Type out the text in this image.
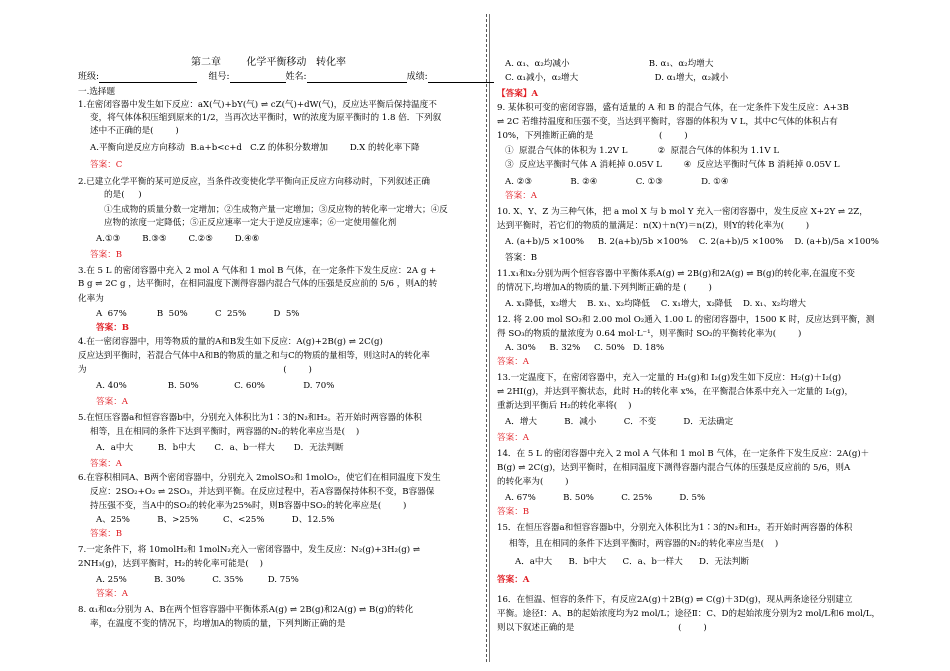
第二章        化学平衡移动   转化率
班级:	组号:	姓名:	成绩:
一.选择题
1.在密闭容器中发生如下反应：aX(气)+bY(气) ⇌ cZ(气)+dW(气)，反应达平衡后保持温度不
变，将气体体积压缩到原来的1/2，当再次达平衡时，W的浓度为原平衡时的 1.8 倍．下列叙
述中不正确的是(        )
A.平衡向逆反应方向移动  B.a+b<c+d   C.Z 的体积分数增加        D.X 的转化率下降
答案：C
2.已建立化学平衡的某可逆反应，当条件改变使化学平衡向正反应方向移动时，下列叙述正确
的是(     )
①生成物的质量分数一定增加；②生成物产量一定增加；③反应物的转化率一定增大；④反
应物的浓度一定降低；⑤正反应速率一定大于逆反应速率；⑥一定使用催化剂
A.①③        B.③⑤        C.②⑤        D.④⑥
答案：B
3.在 5 L 的密闭容器中充入 2 mol A 气体和 1 mol B 气体，在一定条件下发生反应：2A g +
B g ⇌ 2C g ，达平衡时，在相同温度下测得容器内混合气体的压强是反应前的 5/6 ，则A的转
化率为
A  67%           B  50%          C  25%          D  5%
答案：B
4.在一密闭容器中，用等物质的量的A和B发生如下反应：A(g)+2B(g) ⇌ 2C(g)
反应达到平衡时，若混合气体中A和B的物质的量之和与C的物质的量相等，则这时A的转化率
为                                                                        (        )
A. 40%               B. 50%             C. 60%              D. 70%
答案：A
5.在恒压容器a和恒容容器b中，分别充入体积比为1∶3的N₂和H₂。若开始时两容器的体积
相等，且在相同的条件下达到平衡时，两容器的N₂的转化率应当是(    )
A．a中大         B．b中大       C．a、b一样大       D．无法判断
答案：A
6.在容积相同A、B两个密闭容器中，分别充入 2molSO₂和 1molO₂，使它们在相同温度下发生
反应：2SO₂+O₂ ⇌ 2SO₃，并达到平衡。在反应过程中，若A容器保持体积不变，B容器保
持压强不变，当A中的SO₂的转化率为25%时，则B容器中SO₂的转化率应是(        )
A、25%          B、>25%         C、<25%          D、12.5%
答案：B
7.一定条件下，将 10molH₂和 1molN₂充入一密闭容器中，发生反应：N₂(g)+3H₂(g) ⇌
2NH₃(g)，达到平衡时，H₂的转化率可能是(    )
A. 25%          B. 30%          C. 35%         D. 75%
答案：A
8. α₁和α₂分别为 A、B在两个恒容容器中平衡体系A(g) ⇌ 2B(g)和2A(g) ⇌ B(g)的转化
率，在温度不变的情况下，均增加A的物质的量，下列判断正确的是
A. α₁、α₂均减小                             B. α₁、α₂均增大
C. α₁减小，α₂增大                            D. α₁增大，α₂减小
【答案】A
9. 某体积可变的密闭容器，盛有适量的 A 和 B 的混合气体，在一定条件下发生反应：A+3B
⇌ 2C 若维持温度和压强不变，当达到平衡时，容器的体积为 V L，其中C气体的体积占有
10%，下列推断正确的是                        (        )
①  原混合气体的体积为 1.2V L           ②  原混合气体的体积为 1.1V L
③  反应达平衡时气体 A 消耗掉 0.05V L        ④  反应达平衡时气体 B 消耗掉 0.05V L
A. ②③              B. ②④              C. ①③              D. ①④
答案：A
10. X、Y、Z 为三种气体，把 a mol X 与 b mol Y 充入一密闭容器中，发生反应 X+2Y ⇌ 2Z，
达到平衡时，若它们的物质的量满足：n(X)＋n(Y)＝n(Z)，则Y的转化率为(        )
A. (a+b)/5 ×100%     B. 2(a+b)/5b ×100%    C. 2(a+b)/5 ×100%    D. (a+b)/5a ×100%
答案：B
11.x₁和x₂分别为两个恒容容器中平衡体系A(g) ⇌ 2B(g)和2A(g) ⇌ B(g)的转化率,在温度不变
的情况下,均增加A的物质的量.下列判断正确的是 (        )
A. x₁降低，x₂增大    B. x₁、x₂均降低    C. x₁增大，x₂降低    D. x₁、x₂均增大
12. 将 2.00 mol SO₂和 2.00 mol O₂通入 1.00 L 的密闭容器中，1500 K 时，反应达到平衡，测
得 SO₃的物质的量浓度为 0.64 mol·L⁻¹，则平衡时 SO₂的平衡转化率为(        )
A. 30%     B. 32%     C. 50%   D. 18%
答案：A
13.一定温度下，在密闭容器中，充入一定量的 H₂(g)和 I₂(g)发生如下反应：H₂(g)＋I₂(g)
⇌ 2HI(g)，并达到平衡状态，此时 H₂的转化率 x%，在平衡混合体系中充入一定量的 I₂(g)，
重新达到平衡后 H₂的转化率将(    )
A．增大          B．减小          C．不变          D．无法确定
答案：A
14．在 5 L 的密闭容器中充入 2 mol A 气体和 1 mol B 气体，在一定条件下发生反应：2A(g)＋
B(g) ⇌ 2C(g)，达到平衡时，在相同温度下测得容器内混合气体的压强是反应前的 5/6，则A
的转化率为(        )
A. 67%          B. 50%          C. 25%          D. 5%
答案：B
15．在恒压容器a和恒容容器b中，分别充入体积比为1∶3的N₂和H₂，若开始时两容器的体积
相等，且在相同的条件下达到平衡时，两容器的N₂的转化率应当是(    )
A．a中大      B．b中大      C．a、b一样大      D．无法判断
答案：A
16．在恒温、恒容的条件下，有反应2A(g)＋2B(g) ⇌ C(g)＋3D(g)，现从两条途径分别建立
平衡。途径Ⅰ：A、B的起始浓度均为2 mol/L；途径Ⅱ：C、D的起始浓度分别为2 mol/L和6 mol/L，
则以下叙述正确的是                                      (        )
